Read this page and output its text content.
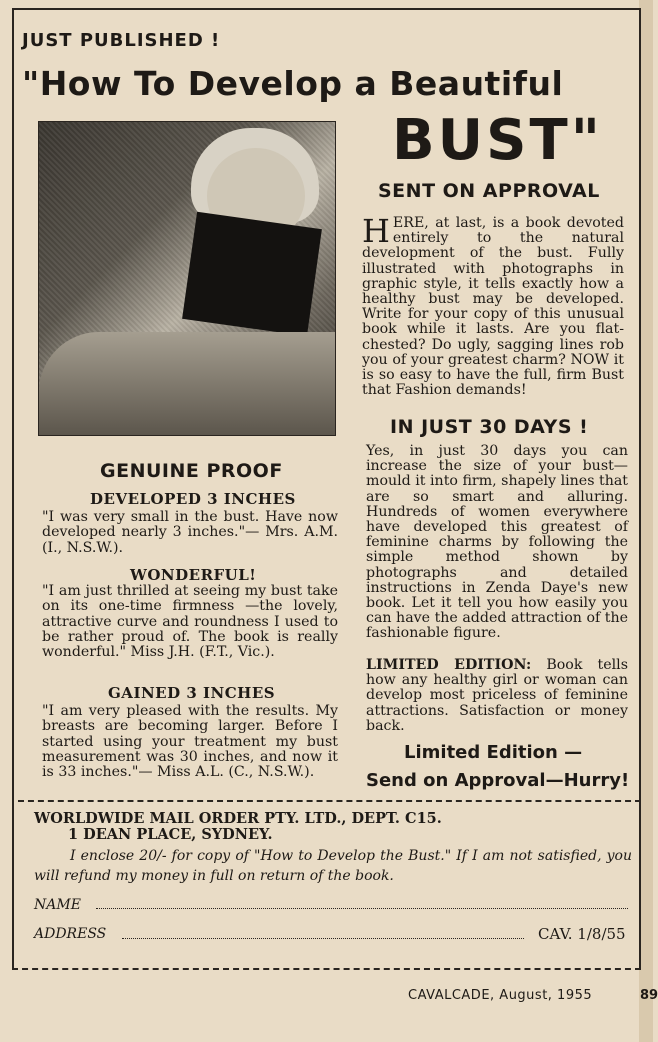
JUST PUBLISHED !
"How To Develop a Beautiful
BUST"
SENT ON APPROVAL
HERE, at last, is a book devoted entirely to the natural development of the bust. Fully illustrated with photographs in graphic style, it tells exactly how a healthy bust may be developed. Write for your copy of this unusual book while it lasts. Are you flat-chested? Do ugly, sagging lines rob you of your greatest charm? NOW it is so easy to have the full, firm Bust that Fashion demands!
IN JUST 30 DAYS !
Yes, in just 30 days you can increase the size of your bust—mould it into firm, shapely lines that are so smart and alluring. Hundreds of women everywhere have developed this greatest of feminine charms by following the simple method shown by photographs and detailed instructions in Zenda Daye's new book. Let it tell you how easily you can have the added attraction of the fashionable figure.
LIMITED EDITION: Book tells how any healthy girl or woman can develop most priceless of feminine attractions. Satisfaction or money back.
Limited Edition —
Send on Approval—Hurry!
GENUINE PROOF
DEVELOPED 3 INCHES
"I was very small in the bust. Have now developed nearly 3 inches."— Mrs. A.M. (I., N.S.W.).
WONDERFUL!
"I am just thrilled at seeing my bust take on its one-time firmness —the lovely, attractive curve and roundness I used to be rather proud of. The book is really wonderful." Miss J.H. (F.T., Vic.).
GAINED 3 INCHES
"I am very pleased with the results. My breasts are becoming larger. Before I started using your treatment my bust measurement was 30 inches, and now it is 33 inches."— Miss A.L. (C., N.S.W.).
WORLDWIDE MAIL ORDER PTY. LTD., DEPT. C15.
1 DEAN PLACE, SYDNEY.
I enclose 20/- for copy of "How to Develop the Bust." If I am not satisfied, you will refund my money in full on return of the book.
NAME
ADDRESS	CAV. 1/8/55
CAVALCADE, August, 1955	89
